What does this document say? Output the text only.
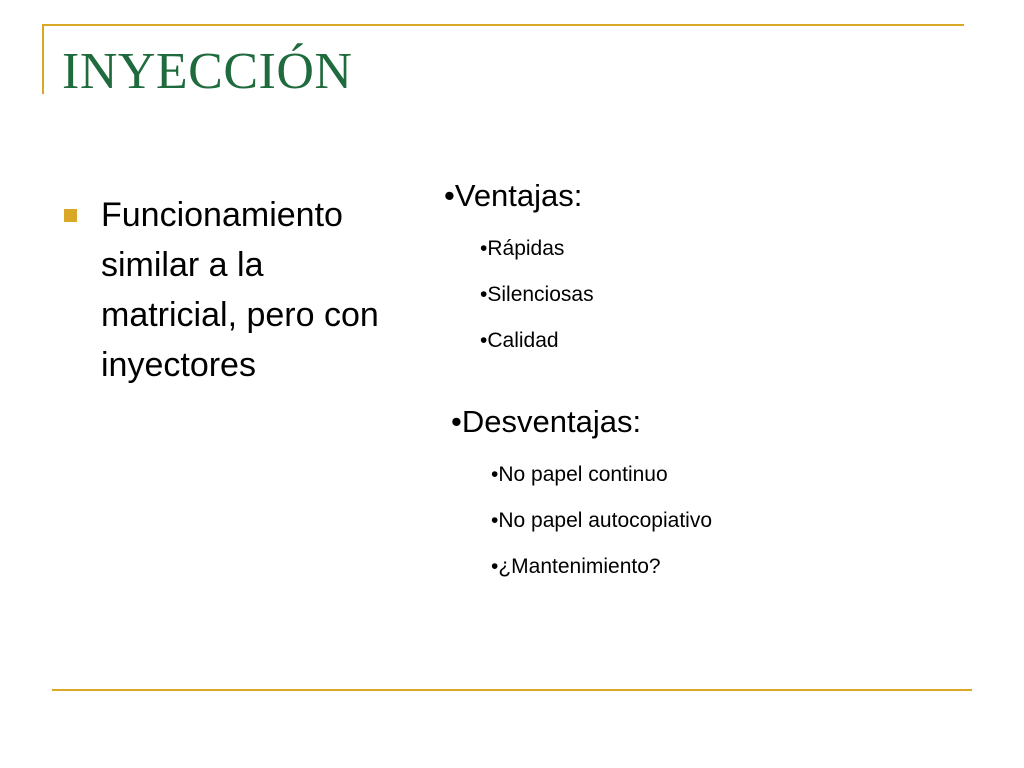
INYECCIÓN
Funcionamiento similar a la matricial, pero con inyectores
•Ventajas:
•Rápidas
•Silenciosas
•Calidad
•Desventajas:
•No papel continuo
•No papel autocopiativo
•¿Mantenimiento?
